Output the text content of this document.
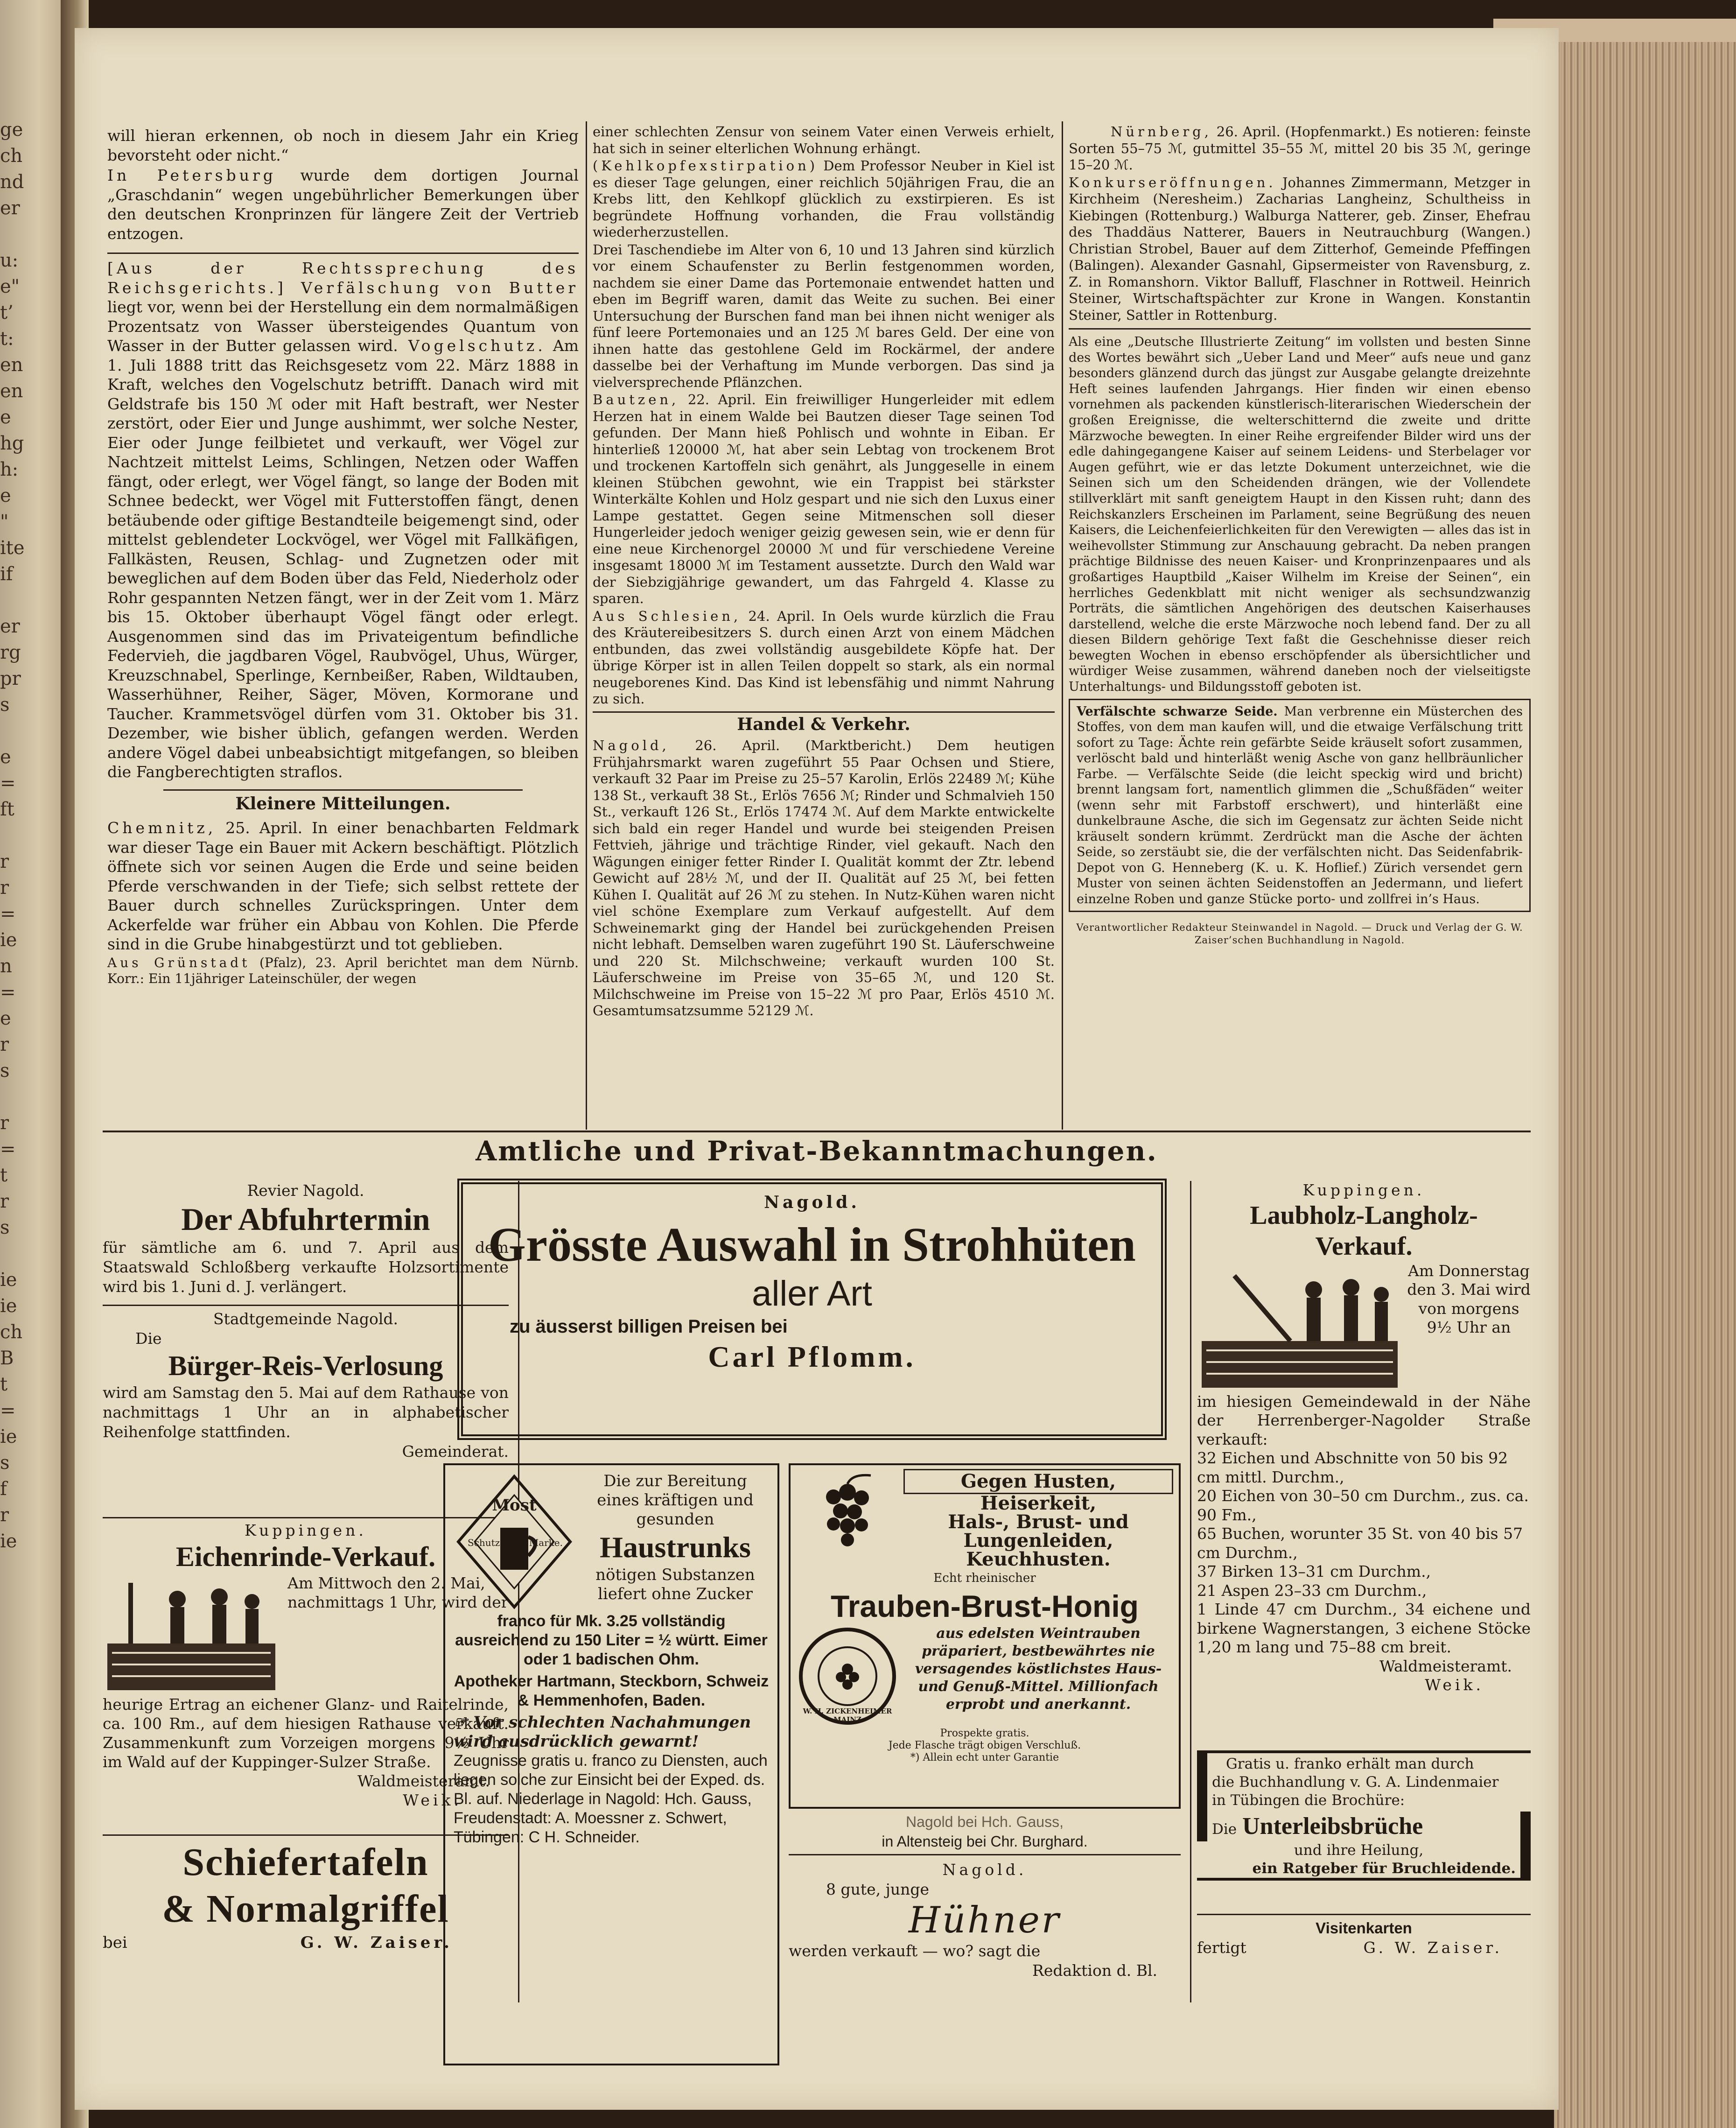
ge
ch
nd
er
u:
e"
t’
t:
en
en
e
hg
h:
e
"
ite
if
er
rg
pr
s
e
=
ft
r
r
=
ie
n
=
e
r
s
r
=
t
r
s
ie
ie
ch
B
t
=
ie
s
f
r
ie

will hieran erkennen, ob noch in diesem Jahr ein Krieg bevorsteht oder nicht.“

In Petersburg wurde dem dortigen Journal „Graschdanin“ wegen ungebührlicher Bemerkungen über den deutschen Kronprinzen für längere Zeit der Vertrieb entzogen.

[Aus der Rechtssprechung des Reichsgerichts.] Verfälschung von Butter liegt vor, wenn bei der Herstellung ein dem normalmäßigen Prozentsatz von Wasser übersteigendes Quantum von Wasser in der Butter gelassen wird. Vogelschutz. Am 1. Juli 1888 tritt das Reichsgesetz vom 22. März 1888 in Kraft, welches den Vogelschutz betrifft. Danach wird mit Geldstrafe bis 150 ℳ oder mit Haft bestraft, wer Nester zerstört, oder Eier und Junge aushimmt, wer solche Nester, Eier oder Junge feilbietet und verkauft, wer Vögel zur Nachtzeit mittelst Leims, Schlingen, Netzen oder Waffen fängt, oder erlegt, wer Vögel fängt, so lange der Boden mit Schnee bedeckt, wer Vögel mit Futterstoffen fängt, denen betäubende oder giftige Bestandteile beigemengt sind, oder mittelst geblendeter Lockvögel, wer Vögel mit Fallkäfigen, Fallkästen, Reusen, Schlag- und Zugnetzen oder mit beweglichen auf dem Boden über das Feld, Niederholz oder Rohr gespannten Netzen fängt, wer in der Zeit vom 1. März bis 15. Oktober überhaupt Vögel fängt oder erlegt. Ausgenommen sind das im Privateigentum befindliche Federvieh, die jagdbaren Vögel, Raubvögel, Uhus, Würger, Kreuzschnabel, Sperlinge, Kernbeißer, Raben, Wildtauben, Wasserhühner, Reiher, Säger, Möven, Kormorane und Taucher. Krammetsvögel dürfen vom 31. Oktober bis 31. Dezember, wie bisher üblich, gefangen werden. Werden andere Vögel dabei unbeabsichtigt mitgefangen, so bleiben die Fangberechtigten straflos.

Kleinere Mitteilungen.

Chemnitz, 25. April. In einer benachbarten Feldmark war dieser Tage ein Bauer mit Ackern beschäftigt. Plötzlich öffnete sich vor seinen Augen die Erde und seine beiden Pferde verschwanden in der Tiefe; sich selbst rettete der Bauer durch schnelles Zurückspringen. Unter dem Ackerfelde war früher ein Abbau von Kohlen. Die Pferde sind in die Grube hinabgestürzt und tot geblieben.

Aus Grünstadt (Pfalz), 23. April berichtet man dem Nürnb. Korr.: Ein 11jähriger Lateinschüler, der wegen

einer schlechten Zensur von seinem Vater einen Verweis erhielt, hat sich in seiner elterlichen Wohnung erhängt.

(Kehlkopfexstirpation) Dem Professor Neuber in Kiel ist es dieser Tage gelungen, einer reichlich 50jährigen Frau, die an Krebs litt, den Kehlkopf glücklich zu exstirpieren. Es ist begründete Hoffnung vorhanden, die Frau vollständig wiederherzustellen.

Drei Taschendiebe im Alter von 6, 10 und 13 Jahren sind kürzlich vor einem Schaufenster zu Berlin festgenommen worden, nachdem sie einer Dame das Portemonaie entwendet hatten und eben im Begriff waren, damit das Weite zu suchen. Bei einer Untersuchung der Burschen fand man bei ihnen nicht weniger als fünf leere Portemonaies und an 125 ℳ bares Geld. Der eine von ihnen hatte das gestohlene Geld im Rockärmel, der andere dasselbe bei der Verhaftung im Munde verborgen. Das sind ja vielversprechende Pflänzchen.

Bautzen, 22. April. Ein freiwilliger Hungerleider mit edlem Herzen hat in einem Walde bei Bautzen dieser Tage seinen Tod gefunden. Der Mann hieß Pohlisch und wohnte in Eiban. Er hinterließ 120000 ℳ, hat aber sein Lebtag von trockenem Brot und trockenen Kartoffeln sich genährt, als Junggeselle in einem kleinen Stübchen gewohnt, wie ein Trappist bei stärkster Winterkälte Kohlen und Holz gespart und nie sich den Luxus einer Lampe gestattet. Gegen seine Mitmenschen soll dieser Hungerleider jedoch weniger geizig gewesen sein, wie er denn für eine neue Kirchenorgel 20000 ℳ und für verschiedene Vereine insgesamt 18000 ℳ im Testament aussetzte. Durch den Wald war der Siebzigjährige gewandert, um das Fahrgeld 4. Klasse zu sparen.

Aus Schlesien, 24. April. In Oels wurde kürzlich die Frau des Kräutereibesitzers S. durch einen Arzt von einem Mädchen entbunden, das zwei vollständig ausgebildete Köpfe hat. Der übrige Körper ist in allen Teilen doppelt so stark, als ein normal neugeborenes Kind. Das Kind ist lebensfähig und nimmt Nahrung zu sich.

Handel & Verkehr.

Nagold, 26. April. (Marktbericht.) Dem heutigen Frühjahrsmarkt waren zugeführt 55 Paar Ochsen und Stiere, verkauft 32 Paar im Preise zu 25–57 Karolin, Erlös 22489 ℳ; Kühe 138 St., verkauft 38 St., Erlös 7656 ℳ; Rinder und Schmalvieh 150 St., verkauft 126 St., Erlös 17474 ℳ. Auf dem Markte entwickelte sich bald ein reger Handel und wurde bei steigenden Preisen Fettvieh, jährige und trächtige Rinder, viel gekauft. Nach den Wägungen einiger fetter Rinder I. Qualität kommt der Ztr. lebend Gewicht auf 28½ ℳ, und der II. Qualität auf 25 ℳ, bei fetten Kühen I. Qualität auf 26 ℳ zu stehen. In Nutz-Kühen waren nicht viel schöne Exemplare zum Verkauf aufgestellt. Auf dem Schweinemarkt ging der Handel bei zurückgehenden Preisen nicht lebhaft. Demselben waren zugeführt 190 St. Läuferschweine und 220 St. Milchschweine; verkauft wurden 100 St. Läuferschweine im Preise von 35–65 ℳ, und 120 St. Milchschweine im Preise von 15–22 ℳ pro Paar, Erlös 4510 ℳ. Gesamtumsatzsumme 52129 ℳ.

Nürnberg, 26. April. (Hopfenmarkt.) Es notieren: feinste Sorten 55–75 ℳ, gutmittel 35–55 ℳ, mittel 20 bis 35 ℳ, geringe 15–20 ℳ.

Konkurseröffnungen. Johannes Zimmermann, Metzger in Kirchheim (Neresheim.) Zacharias Langheinz, Schultheiss in Kiebingen (Rottenburg.) Walburga Natterer, geb. Zinser, Ehefrau des Thaddäus Natterer, Bauers in Neutrauchburg (Wangen.) Christian Strobel, Bauer auf dem Zitterhof, Gemeinde Pfeffingen (Balingen). Alexander Gasnahl, Gipsermeister von Ravensburg, z. Z. in Romanshorn. Viktor Balluff, Flaschner in Rottweil. Heinrich Steiner, Wirtschaftspächter zur Krone in Wangen. Konstantin Steiner, Sattler in Rottenburg.

Als eine „Deutsche Illustrierte Zeitung“ im vollsten und besten Sinne des Wortes bewährt sich „Ueber Land und Meer“ aufs neue und ganz besonders glänzend durch das jüngst zur Ausgabe gelangte dreizehnte Heft seines laufenden Jahrgangs. Hier finden wir einen ebenso vornehmen als packenden künstlerisch-literarischen Wiederschein der großen Ereignisse, die welterschitternd die zweite und dritte Märzwoche bewegten. In einer Reihe ergreifender Bilder wird uns der edle dahingegangene Kaiser auf seinem Leidens- und Sterbelager vor Augen geführt, wie er das letzte Dokument unterzeichnet, wie die Seinen sich um den Scheidenden drängen, wie der Vollendete stillverklärt mit sanft geneigtem Haupt in den Kissen ruht; dann des Reichskanzlers Erscheinen im Parlament, seine Begrüßung des neuen Kaisers, die Leichenfeierlichkeiten für den Verewigten — alles das ist in weihevollster Stimmung zur Anschauung gebracht. Da neben prangen prächtige Bildnisse des neuen Kaiser- und Kronprinzenpaares und als großartiges Hauptbild „Kaiser Wilhelm im Kreise der Seinen“, ein herrliches Gedenkblatt mit nicht weniger als sechsundzwanzig Porträts, die sämtlichen Angehörigen des deutschen Kaiserhauses darstellend, welche die erste Märzwoche noch lebend fand. Der zu all diesen Bildern gehörige Text faßt die Geschehnisse dieser reich bewegten Wochen in ebenso erschöpfender als übersichtlicher und würdiger Weise zusammen, während daneben noch der vielseitigste Unterhaltungs- und Bildungsstoff geboten ist.

Verfälschte schwarze Seide. Man verbrenne ein Müsterchen des Stoffes, von dem man kaufen will, und die etwaige Verfälschung tritt sofort zu Tage: Ächte rein gefärbte Seide kräuselt sofort zusammen, verlöscht bald und hinterläßt wenig Asche von ganz hellbräunlicher Farbe. — Verfälschte Seide (die leicht speckig wird und bricht) brennt langsam fort, namentlich glimmen die „Schußfäden“ weiter (wenn sehr mit Farbstoff erschwert), und hinterläßt eine dunkelbraune Asche, die sich im Gegensatz zur ächten Seide nicht kräuselt sondern krümmt. Zerdrückt man die Asche der ächten Seide, so zerstäubt sie, die der verfälschten nicht. Das Seidenfabrik-Depot von G. Henneberg (K. u. K. Hoflief.) Zürich versendet gern Muster von seinen ächten Seidenstoffen an Jedermann, und liefert einzelne Roben und ganze Stücke porto- und zollfrei in’s Haus.
Verantwortlicher Redakteur Steinwandel in Nagold. — Druck und Verlag der G. W. Zaiser’schen Buchhandlung in Nagold.
Amtliche und Privat-Bekanntmachungen.
Revier Nagold.
Der Abfuhrtermin
für sämtliche am 6. und 7. April aus dem Staatswald Schloßberg verkaufte Holzsortimente wird bis 1. Juni d. J. verlängert.
Stadtgemeinde Nagold.
Die
Bürger-Reis-Verlosung
wird am Samstag den 5. Mai auf dem Rathause von nachmittags 1 Uhr an in alphabetischer Reihenfolge stattfinden.
Gemeinderat.
Kuppingen.
Eichenrinde-Verkauf.
Am Mittwoch den 2. Mai, nachmittags 1 Uhr, wird der
heurige Ertrag an eichener Glanz- und Raitelrinde, ca. 100 Rm., auf dem hiesigen Rathause verkauft. Zusammenkunft zum Vorzeigen morgens 9½ Uhr im Wald auf der Kuppinger-Sulzer Straße.
Waldmeisteramt.
Weik.
Schiefertafeln
& Normalgriffel
bei	G. W. Zaiser.
Nagold.
Grösste Auswahl in Strohhüten
aller Art
zu äusserst billigen Preisen bei
Carl Pflomm.
Most
Schutz	Marke.
Die zur Bereitung eines kräftigen und gesunden
Haustrunks
nötigen Substanzen liefert ohne Zucker
franco für Mk. 3.25 vollständig ausreichend zu 150 Liter = ½ württ. Eimer oder 1 badischen Ohm.
Apotheker Hartmann, Steckborn, Schweiz & Hemmenhofen, Baden.
☞ Vor schlechten Nachahmungen wird ausdrücklich gewarnt!
Zeugnisse gratis u. franco zu Diensten, auch liegen solche zur Einsicht bei der Exped. ds. Bl. auf. Niederlage in Nagold: Hch. Gauss, Freudenstadt: A. Moessner z. Schwert, Tübingen: C H. Schneider.
Gegen Husten,
Heiserkeit,
Hals-, Brust- und
Lungenleiden,
Keuchhusten.
Echt rheinischer
Trauben-Brust-Honig
W. H. ZICKENHEIMER MAINZ
aus edelsten Weintrauben präpariert, bestbewährtes nie versagendes köstlichstes Haus- und Genuß-Mittel. Millionfach erprobt und anerkannt.
Prospekte gratis.
Jede Flasche trägt obigen Verschluß.
*) Allein echt unter Garantie
Nagold bei Hch. Gauss,
in Altensteig bei Chr. Burghard.
Nagold.
8 gute, junge
Hühner
werden verkauft — wo? sagt die
Redaktion d. Bl.
Kuppingen.
Laubholz-Langholz-
Verkauf.
Am Donnerstag den 3. Mai wird von morgens 9½ Uhr an
im hiesigen Gemeindewald in der Nähe der Herrenberger-Nagolder Straße verkauft:
32 Eichen und Abschnitte von 50 bis 92 cm mittl. Durchm.,
20 Eichen von 30–50 cm Durchm., zus. ca. 90 Fm.,
65 Buchen, worunter 35 St. von 40 bis 57 cm Durchm.,
37 Birken 13–31 cm Durchm.,
21 Aspen 23–33 cm Durchm.,
1 Linde 47 cm Durchm., 34 eichene und birkene Wagnerstangen, 3 eichene Stöcke 1,20 m lang und 75–88 cm breit.
Waldmeisteramt.
Weik.
Gratis u. franko erhält man durch
die Buchhandlung v. G. A. Lindenmaier
in Tübingen die Brochüre:
Die Unterleibsbrüche
und ihre Heilung,
ein Ratgeber für Bruchleidende.
Visitenkarten
fertigt	G. W. Zaiser.
